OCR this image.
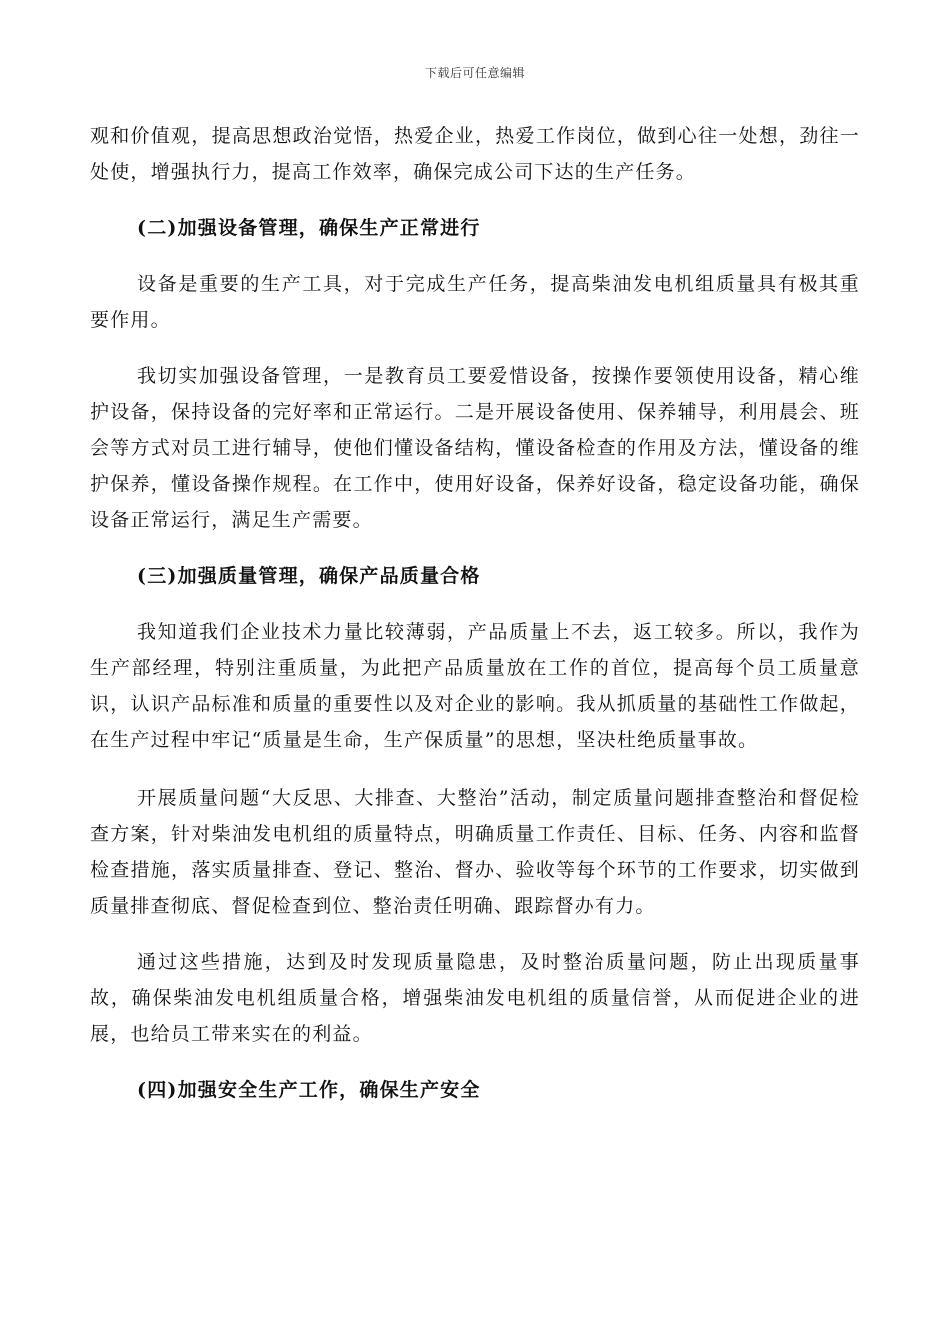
下载后可任意编辑

观和价值观，提高思想政治觉悟，热爱企业，热爱工作岗位，做到心往一处想，劲往一处使，增强执行力，提高工作效率，确保完成公司下达的生产任务。

(二)加强设备管理，确保生产正常进行

设备是重要的生产工具，对于完成生产任务，提高柴油发电机组质量具有极其重要作用。

我切实加强设备管理，一是教育员工要爱惜设备，按操作要领使用设备，精心维护设备，保持设备的完好率和正常运行。二是开展设备使用、保养辅导，利用晨会、班会等方式对员工进行辅导，使他们懂设备结构，懂设备检查的作用及方法，懂设备的维护保养，懂设备操作规程。在工作中，使用好设备，保养好设备，稳定设备功能，确保设备正常运行，满足生产需要。

(三)加强质量管理，确保产品质量合格

我知道我们企业技术力量比较薄弱，产品质量上不去，返工较多。所以，我作为生产部经理，特别注重质量，为此把产品质量放在工作的首位，提高每个员工质量意识，认识产品标准和质量的重要性以及对企业的影响。我从抓质量的基础性工作做起，在生产过程中牢记“质量是生命，生产保质量”的思想，坚决杜绝质量事故。

开展质量问题“大反思、大排查、大整治”活动，制定质量问题排查整治和督促检查方案，针对柴油发电机组的质量特点，明确质量工作责任、目标、任务、内容和监督检查措施，落实质量排查、登记、整治、督办、验收等每个环节的工作要求，切实做到质量排查彻底、督促检查到位、整治责任明确、跟踪督办有力。

通过这些措施，达到及时发现质量隐患，及时整治质量问题，防止出现质量事故，确保柴油发电机组质量合格，增强柴油发电机组的质量信誉，从而促进企业的进展，也给员工带来实在的利益。

(四)加强安全生产工作，确保生产安全
